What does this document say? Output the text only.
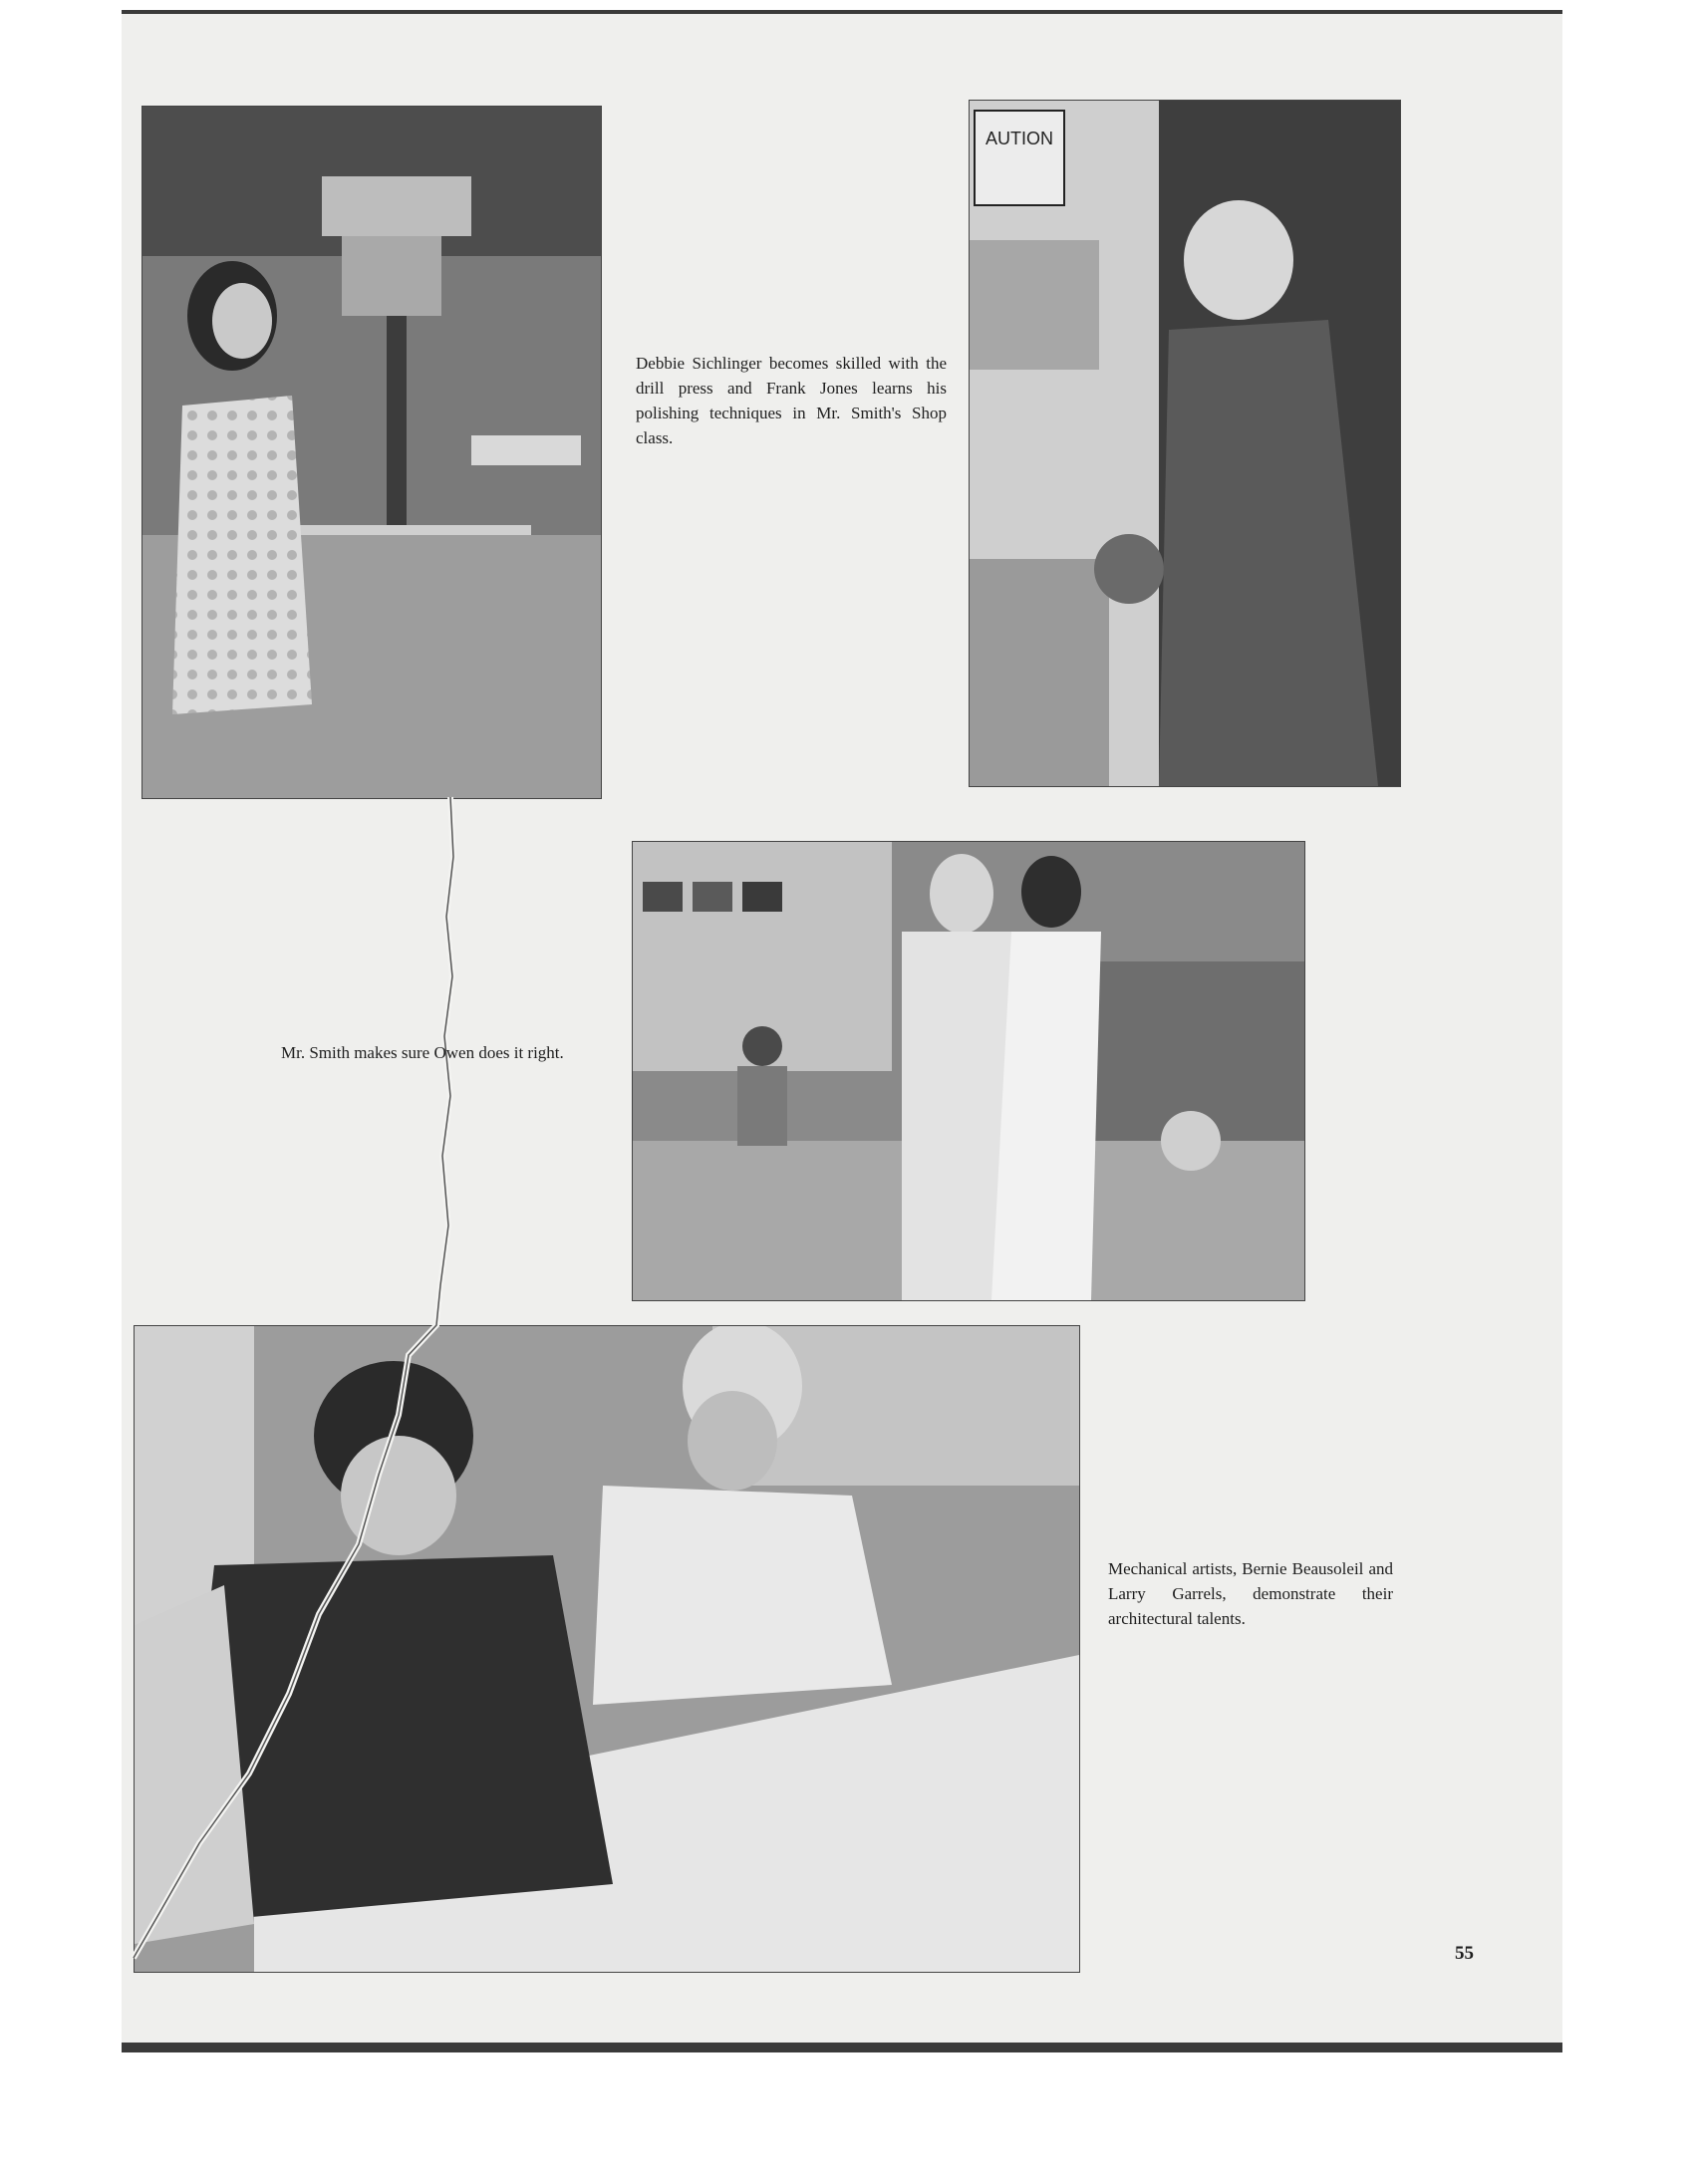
AUTION

Debbie Sichlinger becomes skilled with the drill press and Frank Jones learns his polishing techniques in Mr. Smith's Shop class.

Mr. Smith makes sure Owen does it right.

Mechanical artists, Bernie Beausoleil and Larry Garrels, demonstrate their architectural talents.

55
